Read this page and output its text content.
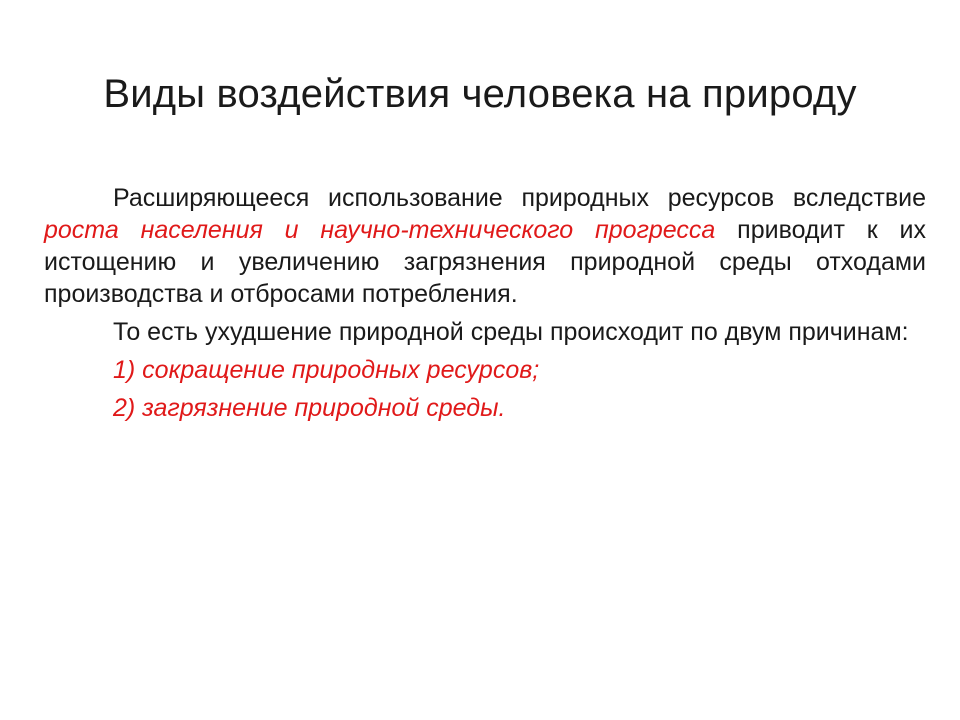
Виды воздействия человека на природу

Расширяющееся использование природных ресурсов вследствие роста населения и научно-технического прогресса приводит к их истощению и увеличению загрязнения природной среды отходами производства и отбросами потребления.

То есть ухудшение природной среды происходит по двум причинам:

1) сокращение природных ресурсов;

2) загрязнение природной среды.
